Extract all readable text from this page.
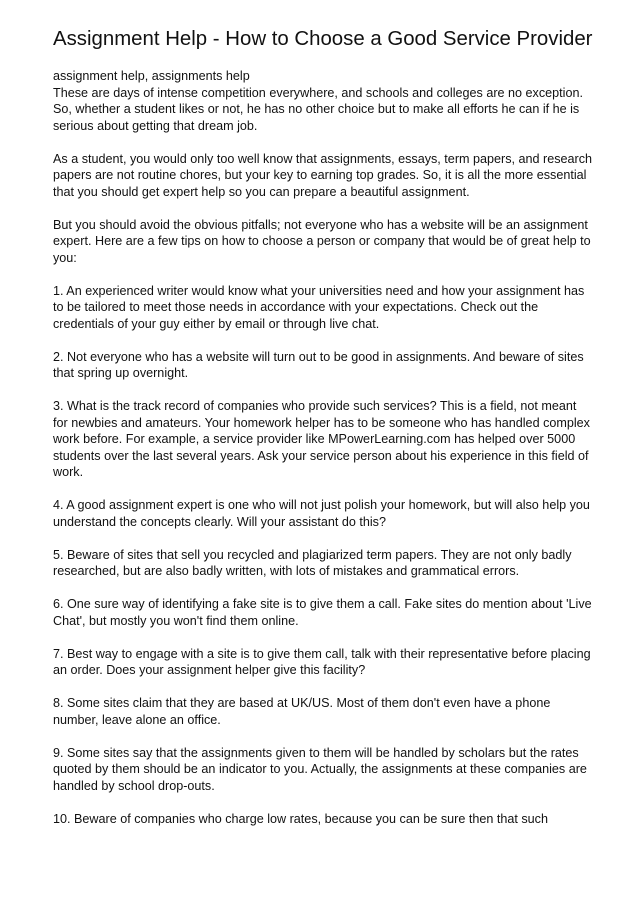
Assignment Help - How to Choose a Good Service Provider

assignment help, assignments help

These are days of intense competition everywhere, and schools and colleges are no exception. So, whether a student likes or not, he has no other choice but to make all efforts he can if he is serious about getting that dream job.

As a student, you would only too well know that assignments, essays, term papers, and research papers are not routine chores, but your key to earning top grades. So, it is all the more essential that you should get expert help so you can prepare a beautiful assignment.

But you should avoid the obvious pitfalls; not everyone who has a website will be an assignment expert. Here are a few tips on how to choose a person or company that would be of great help to you:

1. An experienced writer would know what your universities need and how your assignment has to be tailored to meet those needs in accordance with your expectations. Check out the credentials of your guy either by email or through live chat.

2. Not everyone who has a website will turn out to be good in assignments. And beware of sites that spring up overnight.

3. What is the track record of companies who provide such services? This is a field, not meant for newbies and amateurs. Your homework helper has to be someone who has handled complex work before. For example, a service provider like MPowerLearning.com has helped over 5000 students over the last several years. Ask your service person about his experience in this field of work.

4. A good assignment expert is one who will not just polish your homework, but will also help you understand the concepts clearly. Will your assistant do this?

5. Beware of sites that sell you recycled and plagiarized term papers. They are not only badly researched, but are also badly written, with lots of mistakes and grammatical errors.

6. One sure way of identifying a fake site is to give them a call. Fake sites do mention about 'Live Chat', but mostly you won't find them online.

7. Best way to engage with a site is to give them call, talk with their representative before placing an order. Does your assignment helper give this facility?

8. Some sites claim that they are based at UK/US. Most of them don't even have a phone number, leave alone an office.

9. Some sites say that the assignments given to them will be handled by scholars but the rates quoted by them should be an indicator to you. Actually, the assignments at these companies are handled by school drop-outs.

10. Beware of companies who charge low rates, because you can be sure then that such
